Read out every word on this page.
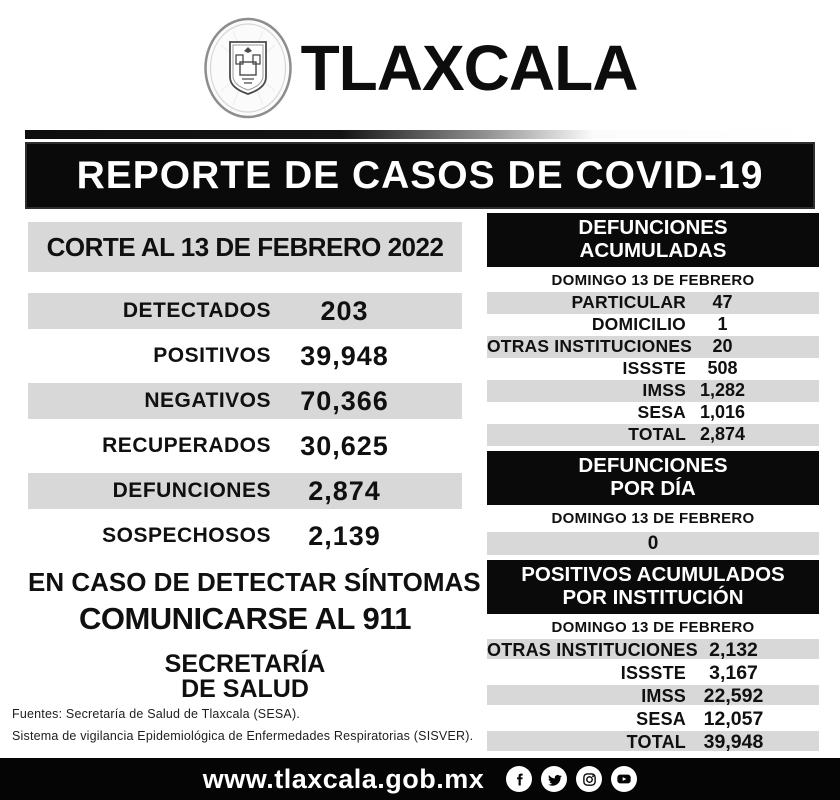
TLAXCALA
REPORTE DE CASOS DE COVID-19
CORTE AL 13 DE FEBRERO 2022
DETECTADOS	203
POSITIVOS	39,948
NEGATIVOS	70,366
RECUPERADOS	30,625
DEFUNCIONES	2,874
SOSPECHOSOS	2,139
EN CASO DE DETECTAR SÍNTOMAS
COMUNICARSE AL 911
SECRETARÍA
DE SALUD
Fuentes: Secretaría de Salud de Tlaxcala (SESA).
Sistema de vigilancia Epidemiológica de Enfermedades Respiratorias (SISVER).
DEFUNCIONES
ACUMULADAS
DOMINGO 13 DE FEBRERO
PARTICULAR	47
DOMICILIO	1
OTRAS INSTITUCIONES	20
ISSSTE	508
IMSS 1,282
SESA 1,016
TOTAL 2,874
DEFUNCIONES
POR DÍA
DOMINGO 13 DE FEBRERO
0
POSITIVOS ACUMULADOS
POR INSTITUCIÓN
DOMINGO 13 DE FEBRERO
OTRAS INSTITUCIONES 2,132
ISSSTE	3,167
IMSS 22,592
SESA 12,057
TOTAL 39,948
www.tlaxcala.gob.mx
